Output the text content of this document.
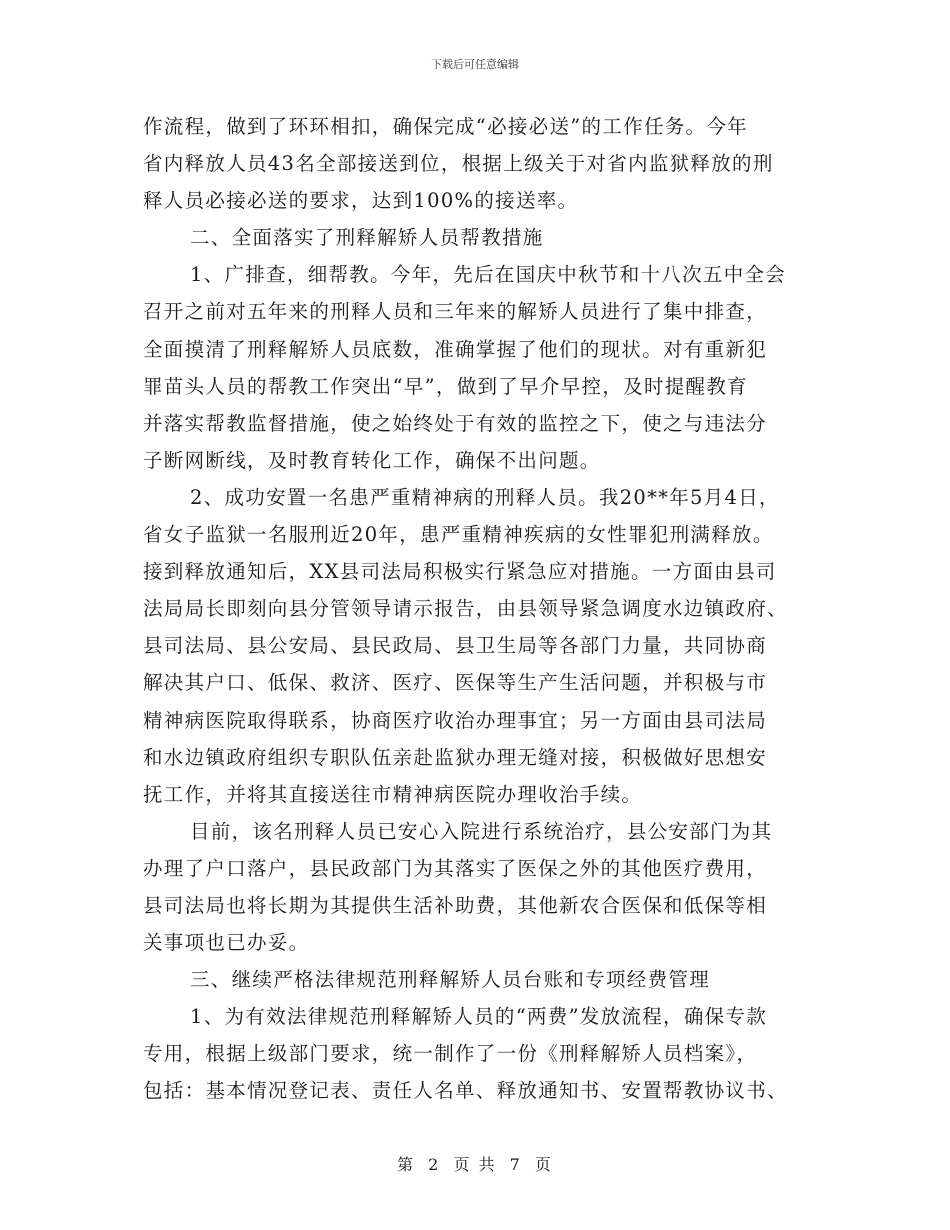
下载后可任意编辑
作流程，做到了环环相扣，确保完成“必接必送”的工作任务。今年
省内释放人员43名全部接送到位，根据上级关于对省内监狱释放的刑
释人员必接必送的要求，达到100%的接送率。
二、全面落实了刑释解矫人员帮教措施
1、广排查，细帮教。今年，先后在国庆中秋节和十八次五中全会
召开之前对五年来的刑释人员和三年来的解矫人员进行了集中排查，
全面摸清了刑释解矫人员底数，准确掌握了他们的现状。对有重新犯
罪苗头人员的帮教工作突出“早”，做到了早介早控，及时提醒教育
并落实帮教监督措施，使之始终处于有效的监控之下，使之与违法分
子断网断线，及时教育转化工作，确保不出问题。
2、成功安置一名患严重精神病的刑释人员。我20**年5月4日，
省女子监狱一名服刑近20年，患严重精神疾病的女性罪犯刑满释放。
接到释放通知后，XX县司法局积极实行紧急应对措施。一方面由县司
法局局长即刻向县分管领导请示报告，由县领导紧急调度水边镇政府、
县司法局、县公安局、县民政局、县卫生局等各部门力量，共同协商
解决其户口、低保、救济、医疗、医保等生产生活问题，并积极与市
精神病医院取得联系，协商医疗收治办理事宜；另一方面由县司法局
和水边镇政府组织专职队伍亲赴监狱办理无缝对接，积极做好思想安
抚工作，并将其直接送往市精神病医院办理收治手续。
目前，该名刑释人员已安心入院进行系统治疗，县公安部门为其
办理了户口落户，县民政部门为其落实了医保之外的其他医疗费用，
县司法局也将长期为其提供生活补助费，其他新农合医保和低保等相
关事项也已办妥。
三、继续严格法律规范刑释解矫人员台账和专项经费管理
1、为有效法律规范刑释解矫人员的“两费”发放流程，确保专款
专用，根据上级部门要求，统一制作了一份《刑释解矫人员档案》，
包括：基本情况登记表、责任人名单、释放通知书、安置帮教协议书、
第 2 页 共 7 页
